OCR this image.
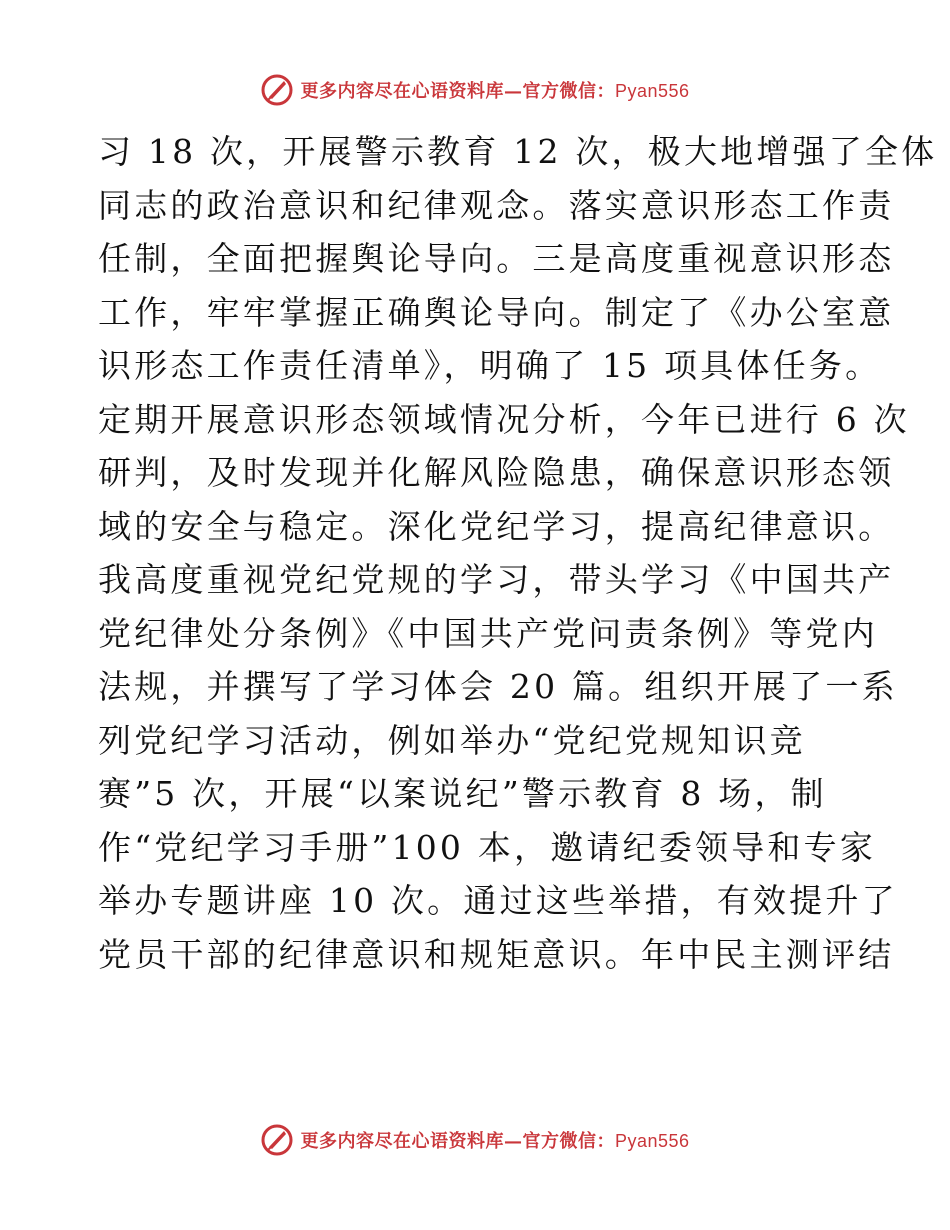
更多内容尽在心语资料库—官方微信：Pyan556
习 18 次，开展警示教育 12 次，极大地增强了全体
同志的政治意识和纪律观念。落实意识形态工作责
任制，全面把握舆论导向。三是高度重视意识形态
工作，牢牢掌握正确舆论导向。制定了《办公室意
识形态工作责任清单》，明确了 15 项具体任务。
定期开展意识形态领域情况分析，今年已进行 6 次
研判，及时发现并化解风险隐患，确保意识形态领
域的安全与稳定。深化党纪学习，提高纪律意识。
我高度重视党纪党规的学习，带头学习《中国共产
党纪律处分条例》《中国共产党问责条例》等党内
法规，并撰写了学习体会 20 篇。组织开展了一系
列党纪学习活动，例如举办“党纪党规知识竞
赛”5 次，开展“以案说纪”警示教育 8 场，制
作“党纪学习手册”100 本，邀请纪委领导和专家
举办专题讲座 10 次。通过这些举措，有效提升了
党员干部的纪律意识和规矩意识。年中民主测评结
更多内容尽在心语资料库—官方微信：Pyan556
